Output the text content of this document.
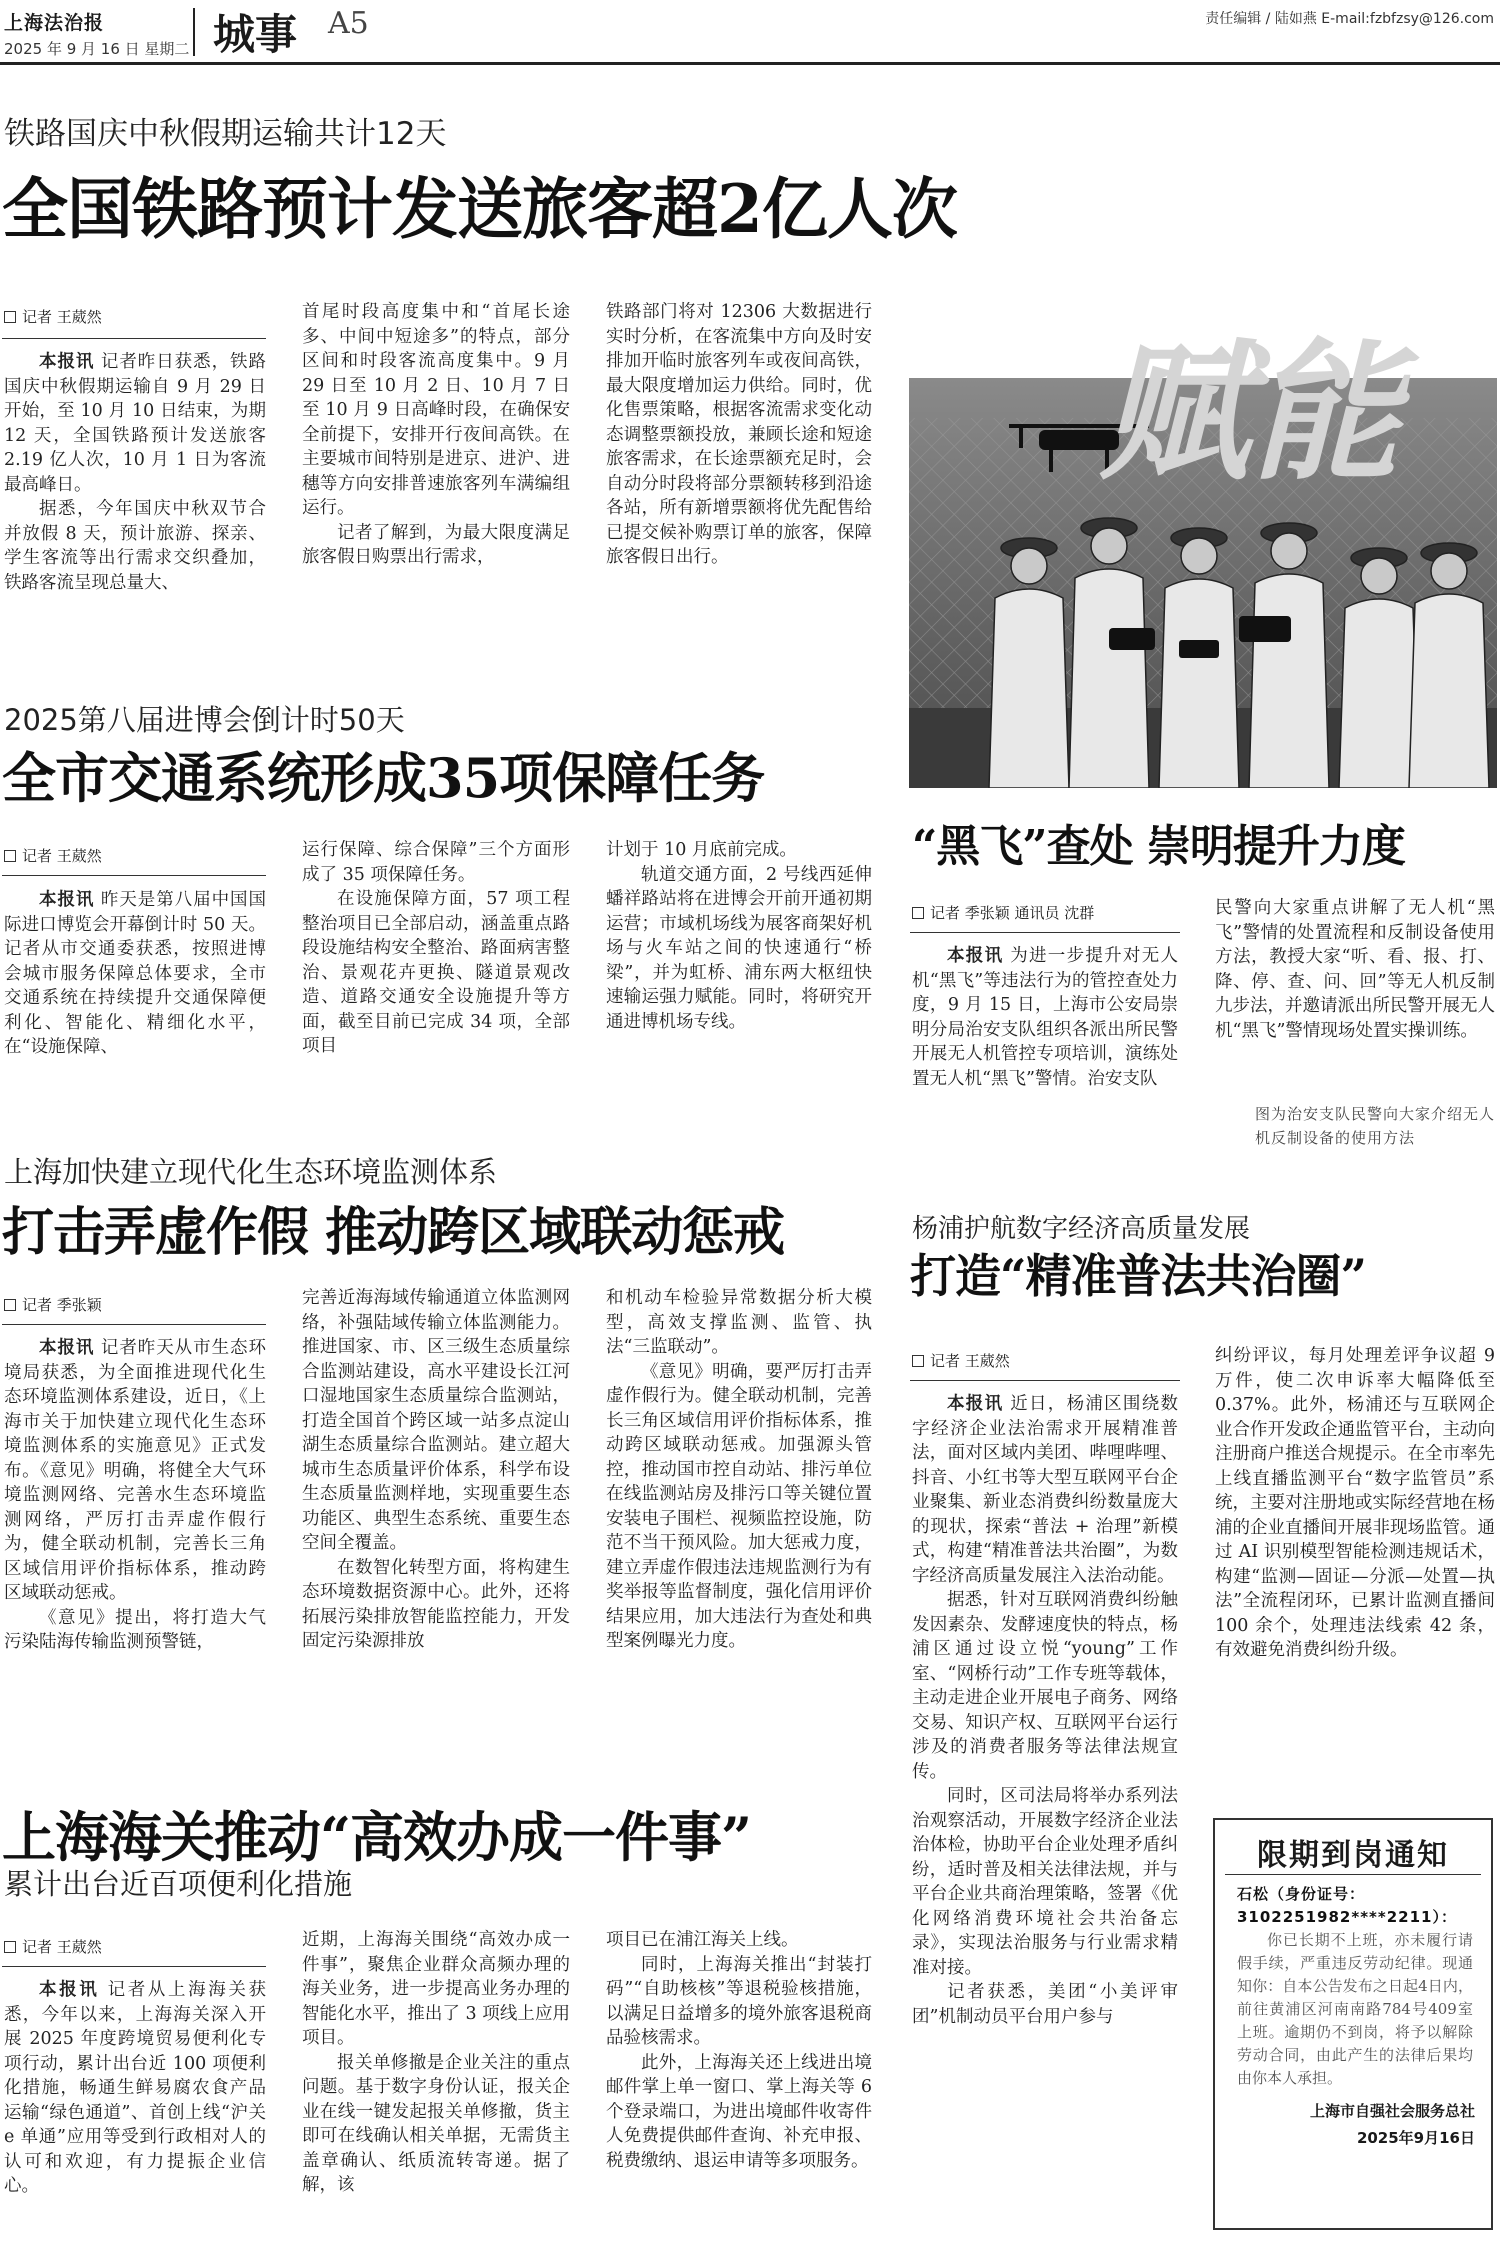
上海法治报
2025 年 9 月 16 日 星期二 城事 A5	责任编辑 / 陆如燕 E-mail:fzbfzsy@126.com
铁路国庆中秋假期运输共计12天
全国铁路预计发送旅客超2亿人次
记者 王葳然

本报讯 记者昨日获悉，铁路国庆中秋假期运输自 9 月 29 日开始，至 10 月 10 日结束，为期 12 天，全国铁路预计发送旅客 2.19 亿人次，10 月 1 日为客流最高峰日。

据悉，今年国庆中秋双节合并放假 8 天，预计旅游、探亲、学生客流等出行需求交织叠加，铁路客流呈现总量大、

首尾时段高度集中和“首尾长途多、中间中短途多”的特点，部分区间和时段客流高度集中。9 月 29 日至 10 月 2 日、10 月 7 日至 10 月 9 日高峰时段，在确保安全前提下，安排开行夜间高铁。在主要城市间特别是进京、进沪、进穗等方向安排普速旅客列车满编组运行。

记者了解到，为最大限度满足旅客假日购票出行需求，

铁路部门将对 12306 大数据进行实时分析，在客流集中方向及时安排加开临时旅客列车或夜间高铁，最大限度增加运力供给。同时，优化售票策略，根据客流需求变化动态调整票额投放，兼顾长途和短途旅客需求，在长途票额充足时，会自动分时段将部分票额转移到沿途各站，所有新增票额将优先配售给已提交候补购票订单的旅客，保障旅客假日出行。

2025第八届进博会倒计时50天
全市交通系统形成35项保障任务
记者 王葳然

本报讯 昨天是第八届中国国际进口博览会开幕倒计时 50 天。记者从市交通委获悉，按照进博会城市服务保障总体要求，全市交通系统在持续提升交通保障便利化、智能化、精细化水平，在“设施保障、

运行保障、综合保障”三个方面形成了 35 项保障任务。

在设施保障方面，57 项工程整治项目已全部启动，涵盖重点路段设施结构安全整治、路面病害整治、景观花卉更换、隧道景观改造、道路交通安全设施提升等方面，截至目前已完成 34 项，全部项目

计划于 10 月底前完成。

轨道交通方面，2 号线西延伸蟠祥路站将在进博会开前开通初期运营；市域机场线为展客商架好机场与火车站之间的快速通行“桥梁”，并为虹桥、浦东两大枢纽快速输运强力赋能。同时，将研究开通进博机场专线。

上海加快建立现代化生态环境监测体系
打击弄虚作假 推动跨区域联动惩戒
记者 季张颖

本报讯 记者昨天从市生态环境局获悉，为全面推进现代化生态环境监测体系建设，近日，《上海市关于加快建立现代化生态环境监测体系的实施意见》正式发布。《意见》明确，将健全大气环境监测网络、完善水生态环境监测网络，严厉打击弄虚作假行为，健全联动机制，完善长三角区域信用评价指标体系，推动跨区域联动惩戒。

《意见》提出，将打造大气污染陆海传输监测预警链，

完善近海海域传输通道立体监测网络，补强陆域传输立体监测能力。推进国家、市、区三级生态质量综合监测站建设，高水平建设长江河口湿地国家生态质量综合监测站，打造全国首个跨区域一站多点淀山湖生态质量综合监测站。建立超大城市生态质量评价体系，科学布设生态质量监测样地，实现重要生态功能区、典型生态系统、重要生态空间全覆盖。

在数智化转型方面，将构建生态环境数据资源中心。此外，还将拓展污染排放智能监控能力，开发固定污染源排放

和机动车检验异常数据分析大模型，高效支撑监测、监管、执法“三监联动”。

《意见》明确，要严厉打击弄虚作假行为。健全联动机制，完善长三角区域信用评价指标体系，推动跨区域联动惩戒。加强源头管控，推动国市控自动站、排污单位在线监测站房及排污口等关键位置安装电子围栏、视频监控设施，防范不当干预风险。加大惩戒力度，建立弄虚作假违法违规监测行为有奖举报等监督制度，强化信用评价结果应用，加大违法行为查处和典型案例曝光力度。

上海海关推动“高效办成一件事”
累计出台近百项便利化措施
记者 王葳然

本报讯 记者从上海海关获悉，今年以来，上海海关深入开展 2025 年度跨境贸易便利化专项行动，累计出台近 100 项便利化措施，畅通生鲜易腐农食产品运输“绿色通道”、首创上线“沪关 e 单通”应用等受到行政相对人的认可和欢迎，有力提振企业信心。

近期，上海海关围绕“高效办成一件事”，聚焦企业群众高频办理的海关业务，进一步提高业务办理的智能化水平，推出了 3 项线上应用项目。

报关单修撤是企业关注的重点问题。基于数字身份认证，报关企业在线一键发起报关单修撤，货主即可在线确认相关单据，无需货主盖章确认、纸质流转寄递。据了解，该

项目已在浦江海关上线。

同时，上海海关推出“封装打码”“自助核核”等退税验核措施，以满足日益增多的境外旅客退税商品验核需求。

此外，上海海关还上线进出境邮件掌上单一窗口、掌上海关等 6 个登录端口，为进出境邮件收寄件人免费提供邮件查询、补充申报、税费缴纳、退运申请等多项服务。

赋能
“黑飞”查处 崇明提升力度
记者 季张颖 通讯员 沈群

本报讯 为进一步提升对无人机“黑飞”等违法行为的管控查处力度，9 月 15 日，上海市公安局崇明分局治安支队组织各派出所民警开展无人机管控专项培训，演练处置无人机“黑飞”警情。治安支队

民警向大家重点讲解了无人机“黑飞”警情的处置流程和反制设备使用方法，教授大家“听、看、报、打、降、停、查、问、回”等无人机反制九步法，并邀请派出所民警开展无人机“黑飞”警情现场处置实操训练。

图为治安支队民警向大家介绍无人机反制设备的使用方法

杨浦护航数字经济高质量发展
打造“精准普法共治圈”
记者 王葳然

本报讯 近日，杨浦区围绕数字经济企业法治需求开展精准普法，面对区域内美团、哔哩哔哩、抖音、小红书等大型互联网平台企业聚集、新业态消费纠纷数量庞大的现状，探索“普法 + 治理”新模式，构建“精准普法共治圈”，为数字经济高质量发展注入法治动能。

据悉，针对互联网消费纠纷触发因素杂、发酵速度快的特点，杨浦区通过设立悦“young”工作室、“网桥行动”工作专班等载体，主动走进企业开展电子商务、网络交易、知识产权、互联网平台运行涉及的消费者服务等法律法规宣传。

同时，区司法局将举办系列法治观察活动，开展数字经济企业法治体检，协助平台企业处理矛盾纠纷，适时普及相关法律法规，并与平台企业共商治理策略，签署《优化网络消费环境社会共治备忘录》，实现法治服务与行业需求精准对接。

记者获悉，美团“小美评审团”机制动员平台用户参与

纠纷评议，每月处理差评争议超 9 万件，使二次申诉率大幅降低至 0.37%。此外，杨浦还与互联网企业合作开发政企通监管平台，主动向注册商户推送合规提示。在全市率先上线直播监测平台“数字监管员”系统，主要对注册地或实际经营地在杨浦的企业直播间开展非现场监管。通过 AI 识别模型智能检测违规话术，构建“监测—固证—分派—处置—执法”全流程闭环，已累计监测直播间 100 余个，处理违法线索 42 条，有效避免消费纠纷升级。

限期到岗通知
石松（身份证号：3102251982****2211）：
你已长期不上班，亦未履行请假手续，严重违反劳动纪律。现通知你：自本公告发布之日起4日内，前往黄浦区河南南路784号409室上班。逾期仍不到岗，将予以解除劳动合同，由此产生的法律后果均由你本人承担。
上海市自强社会服务总社
2025年9月16日
